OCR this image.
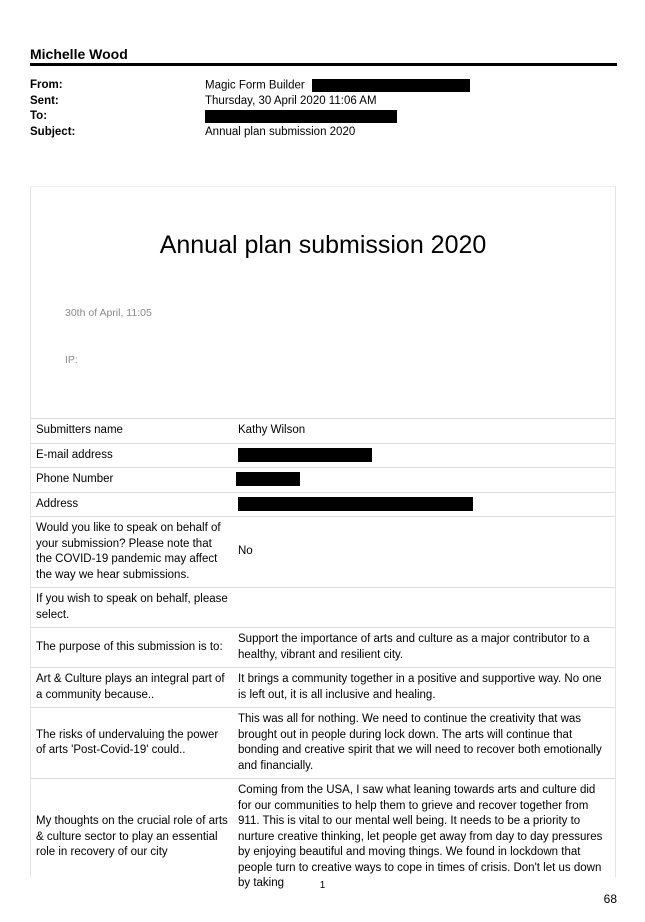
Michelle Wood
From:	Magic Form Builder
Sent:	Thursday, 30 April 2020 11:06 AM
To:
Subject:	Annual plan submission 2020
Annual plan submission 2020
30th of April, 11:05
IP:
Submitters name	Kathy Wilson
E-mail address	
Phone Number	
Address	
Would you like to speak on behalf of your submission? Please note that the COVID-19 pandemic may affect the way we hear submissions.	No
If you wish to speak on behalf, please select.	
The purpose of this submission is to:	Support the importance of arts and culture as a major contributor to a healthy, vibrant and resilient city.
Art & Culture plays an integral part of a community because..	It brings a community together in a positive and supportive way. No one is left out, it is all inclusive and healing.
The risks of undervaluing the power of arts 'Post-Covid-19' could..	This was all for nothing. We need to continue the creativity that was brought out in people during lock down. The arts will continue that bonding and creative spirit that we will need to recover both emotionally and financially.
My thoughts on the crucial role of arts & culture sector to play an essential role in recovery of our city	Coming from the USA, I saw what leaning towards arts and culture did for our communities to help them to grieve and recover together from 911. This is vital to our mental well being. It needs to be a priority to nurture creative thinking, let people get away from day to day pressures by enjoying beautiful and moving things. We found in lockdown that people turn to creative ways to cope in times of crisis. Don't let us down by taking	1
68
